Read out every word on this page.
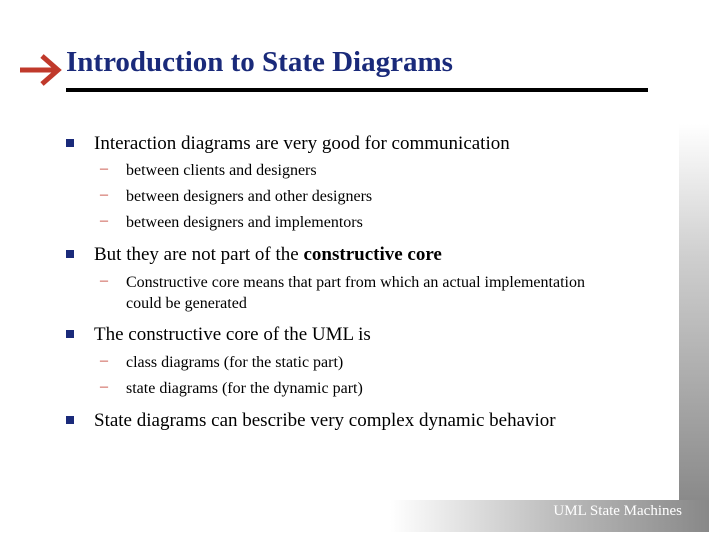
Introduction to State Diagrams
UML State Machines
Interaction diagrams are very good for communication
– between clients and designers
– between designers and other designers
– between designers and implementors
But they are not part of the constructive core
– Constructive core means that part from which an actual implementation
could be generated
The constructive core of the UML is
– class diagrams (for the static part)
– state diagrams (for the dynamic part)
State diagrams can bescribe very complex dynamic behavior
